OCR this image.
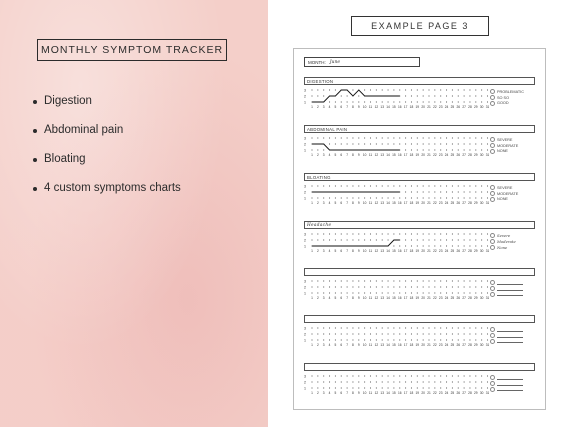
MONTHLY SYMPTOM TRACKER
Digestion
Abdominal pain
Bloating
4 custom symptoms charts
EXAMPLE PAGE 3
MONTH: June
DIGESTION
3
2
1
1 2 3 4 5 6 7 8 9 10 11 12 13 14 15 16 17 18 19 20 21 22 23 24 25 26 27 28 29 30 31
PROBLEMATIC
SO SO
GOOD
ABDOMINAL PAIN
3
2
1
1 2 3 4 5 6 7 8 9 10 11 12 13 14 15 16 17 18 19 20 21 22 23 24 25 26 27 28 29 30 31
SEVERE
MODERATE
NONE
BLOATING
3
2
1
1 2 3 4 5 6 7 8 9 10 11 12 13 14 15 16 17 18 19 20 21 22 23 24 25 26 27 28 29 30 31
SEVERE
MODERATE
NONE
Headache
3
2
1
1 2 3 4 5 6 7 8 9 10 11 12 13 14 15 16 17 18 19 20 21 22 23 24 25 26 27 28 29 30 31
Severe
Moderate
None
3
2
1
1 2 3 4 5 6 7 8 9 10 11 12 13 14 15 16 17 18 19 20 21 22 23 24 25 26 27 28 29 30 31
3
2
1
1 2 3 4 5 6 7 8 9 10 11 12 13 14 15 16 17 18 19 20 21 22 23 24 25 26 27 28 29 30 31
3
2
1
1 2 3 4 5 6 7 8 9 10 11 12 13 14 15 16 17 18 19 20 21 22 23 24 25 26 27 28 29 30 31
